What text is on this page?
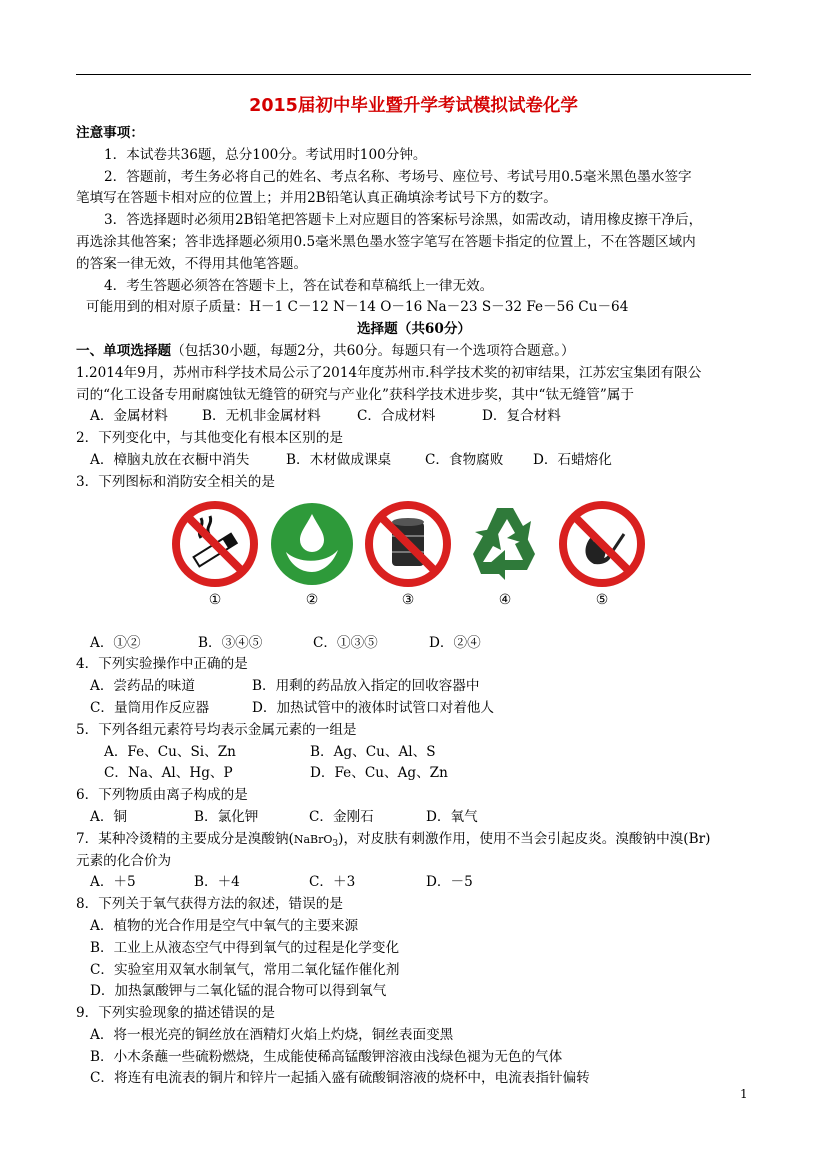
2015届初中毕业暨升学考试模拟试卷化学
注意事项：
1．本试卷共36题，总分100分。考试用时100分钟。
2．答题前，考生务必将自己的姓名、考点名称、考场号、座位号、考试号用0.5毫米黑色墨水签字
笔填写在答题卡相对应的位置上；并用2B铅笔认真正确填涂考试号下方的数字。
3．答选择题时必须用2B铅笔把答题卡上对应题目的答案标号涂黑，如需改动，请用橡皮擦干净后，
再选涂其他答案；答非选择题必须用0.5毫米黑色墨水签字笔写在答题卡指定的位置上，不在答题区域内
的答案一律无效，不得用其他笔答题。
4．考生答题必须答在答题卡上，答在试卷和草稿纸上一律无效。
可能用到的相对原子质量：H－1 C－12 N－14 O－16 Na－23 S－32 Fe－56 Cu－64
选择题（共60分）
一、单项选择题（包括30小题，每题2分，共60分。每题只有一个选项符合题意。）
1.2014年9月，苏州市科学技术局公示了2014年度苏州市.科学技术奖的初审结果，江苏宏宝集团有限公
司的“化工设备专用耐腐蚀钛无缝管的研究与产业化”获科学技术进步奖，其中“钛无缝管”属于
A．金属材料	B．无机非金属材料	C．合成材料	D．复合材料
2．下列变化中，与其他变化有根本区别的是
A．樟脑丸放在衣橱中消失	B．木材做成课桌 C．食物腐败 D．石蜡熔化
3．下列图标和消防安全相关的是
①	②	③	④	⑤
A．①②	B．③④⑤	C．①③⑤	D．②④
4．下列实验操作中正确的是
A．尝药品的味道	B．用剩的药品放入指定的回收容器中
C．量筒用作反应器	D．加热试管中的液体时试管口对着他人
5．下列各组元素符号均表示金属元素的一组是
A．Fe、Cu、Si、Zn	B．Ag、Cu、Al、S
C．Na、Al、Hg、P	D．Fe、Cu、Ag、Zn
6．下列物质由离子构成的是
A．铜	B．氯化钾	C．金刚石	D．氧气
7．某种冷烫精的主要成分是溴酸钠(NaBrO$_3$)，对皮肤有刺激作用，使用不当会引起皮炎。溴酸钠中溴(Br)
元素的化合价为
A．＋5	B．＋4	C．＋3	D．－5
8．下列关于氧气获得方法的叙述，错误的是
A．植物的光合作用是空气中氧气的主要来源
B．工业上从液态空气中得到氧气的过程是化学变化
C．实验室用双氧水制氧气，常用二氧化锰作催化剂
D．加热氯酸钾与二氧化锰的混合物可以得到氧气
9．下列实验现象的描述错误的是
A．将一根光亮的铜丝放在酒精灯火焰上灼烧，铜丝表面变黑
B．小木条蘸一些硫粉燃烧，生成能使稀高锰酸钾溶液由浅绿色褪为无色的气体
C．将连有电流表的铜片和锌片一起插入盛有硫酸铜溶液的烧杯中，电流表指针偏转
1
